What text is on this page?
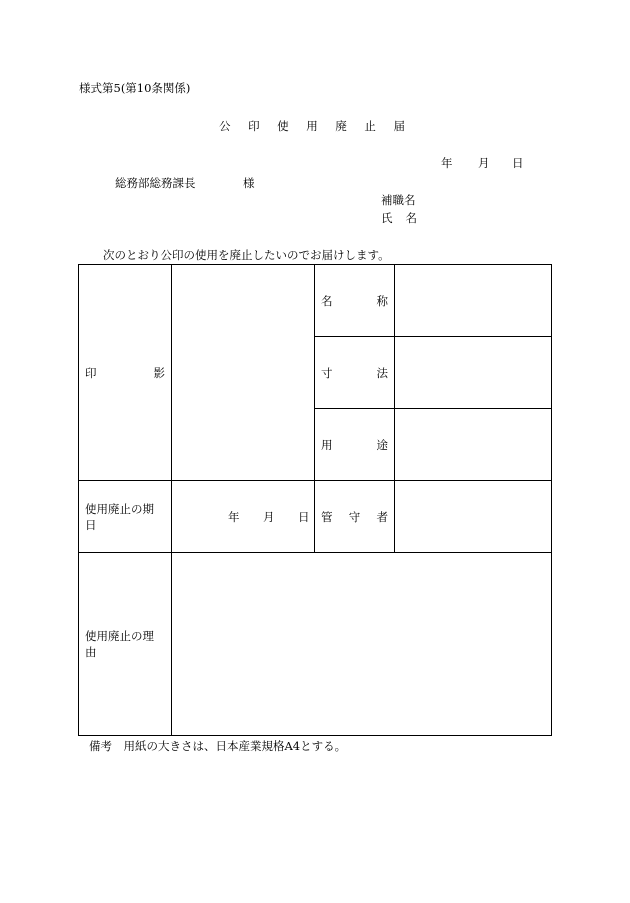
様式第5(第10条関係)
公 印 使 用 廃 止 届
年 月 日
総務部総務課長	様
補職名
氏 名
次のとおり公印の使用を廃止したいのでお届けします。
印 影		名 称	

		寸 法	

		用 途	

使用廃止の期日	年 月 日	管 守 者	

使用廃止の理由			
備考　用紙の大きさは、日本産業規格A4とする。
